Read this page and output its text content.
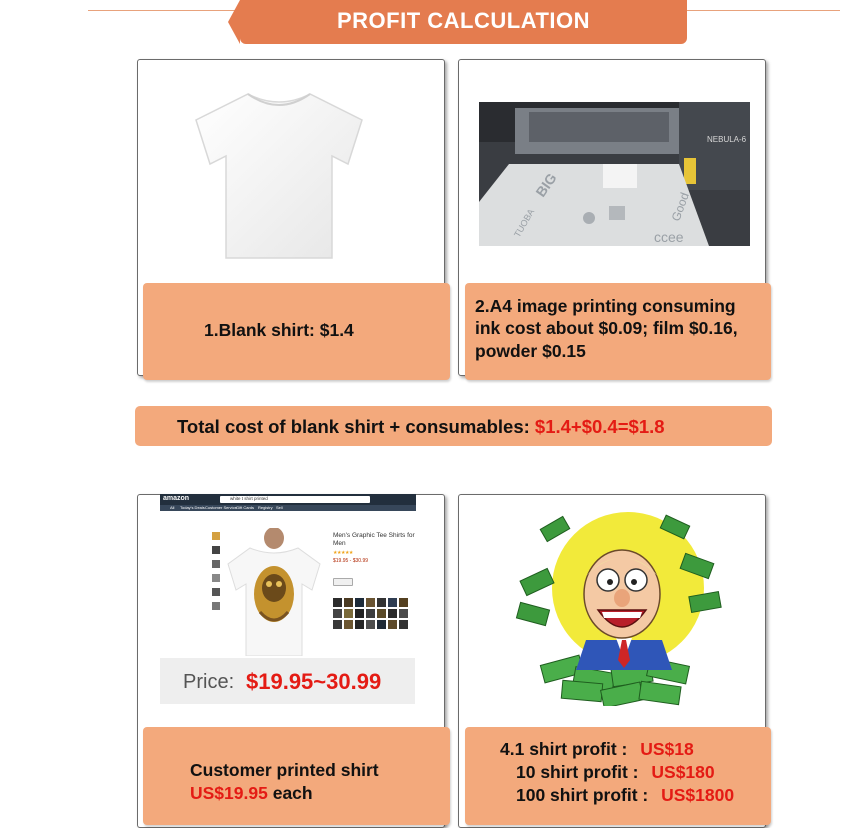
PROFIT CALCULATION
1.Blank shirt: $1.4
NEBULA-6
BIG
TUOBA	ccee
Good
2.A4 image printing consuming
ink cost about $0.09; film $0.16,
powder $0.15
Total cost of blank shirt + consumables: $1.4+$0.4=$1.8
amazon	white t shirt printed
All Today's Deals Customer Service Gift Cards Registry Sell
Men's Graphic Tee Shirts for Men
★★★★★
$19.95 - $30.99
Price: $19.95~30.99
Customer printed shirt
US$19.95 each
4.1 shirt profit : US$18
10 shirt profit : US$180
100 shirt profit : US$1800
